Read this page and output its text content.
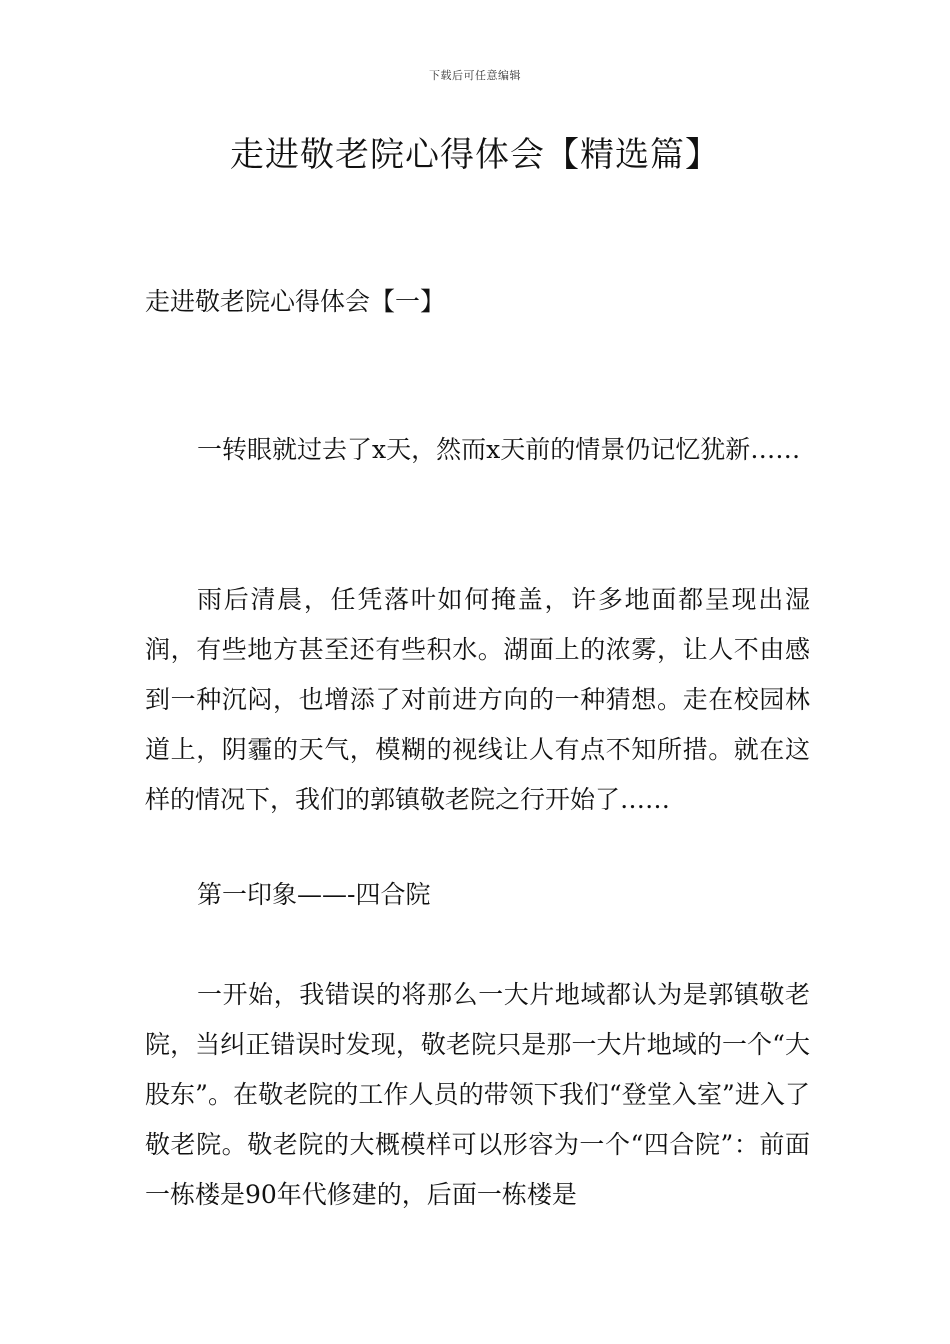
下载后可任意编辑
走进敬老院心得体会【精选篇】

走进敬老院心得体会【一】

一转眼就过去了x天，然而x天前的情景仍记忆犹新……

雨后清晨，任凭落叶如何掩盖，许多地面都呈现出湿润，有些地方甚至还有些积水。湖面上的浓雾，让人不由感到一种沉闷，也增添了对前进方向的一种猜想。走在校园林道上，阴霾的天气，模糊的视线让人有点不知所措。就在这样的情况下，我们的郭镇敬老院之行开始了……

第一印象——-四合院

一开始，我错误的将那么一大片地域都认为是郭镇敬老院，当纠正错误时发现，敬老院只是那一大片地域的一个“大股东”。在敬老院的工作人员的带领下我们“登堂入室”进入了敬老院。敬老院的大概模样可以形容为一个“四合院”：前面一栋楼是90年代修建的，后面一栋楼是
